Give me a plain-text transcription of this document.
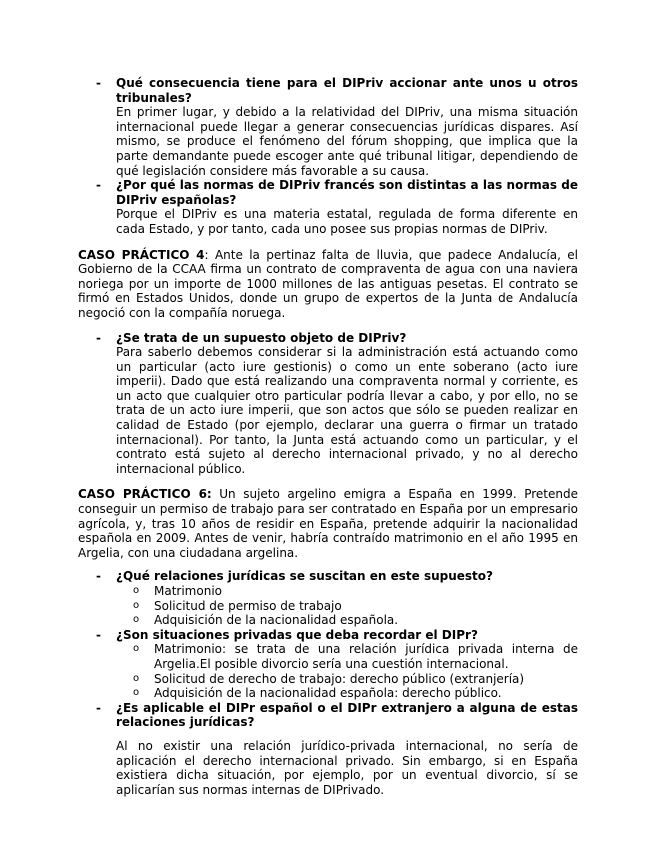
- Qué consecuencia tiene para el DIPriv accionar ante unos u otros tribunales?
En primer lugar, y debido a la relatividad del DIPriv, una misma situación internacional puede llegar a generar consecuencias jurídicas dispares. Así mismo, se produce el fenómeno del fórum shopping, que implica que la parte demandante puede escoger ante qué tribunal litigar, dependiendo de qué legislación considere más favorable a su causa.
- ¿Por qué las normas de DIPriv francés son distintas a las normas de DIPriv españolas?
Porque el DIPriv es una materia estatal, regulada de forma diferente en cada Estado, y por tanto, cada uno posee sus propias normas de DIPriv.

CASO PRÁCTICO 4: Ante la pertinaz falta de lluvia, que padece Andalucía, el Gobierno de la CCAA firma un contrato de compraventa de agua con una naviera noriega por un importe de 1000 millones de las antiguas pesetas. El contrato se firmó en Estados Unidos, donde un grupo de expertos de la Junta de Andalucía negoció con la compañía noruega.

- ¿Se trata de un supuesto objeto de DIPriv?
Para saberlo debemos considerar si la administración está actuando como un particular (acto iure gestionis) o como un ente soberano (acto iure imperii). Dado que está realizando una compraventa normal y corriente, es un acto que cualquier otro particular podría llevar a cabo, y por ello, no se trata de un acto iure imperii, que son actos que sólo se pueden realizar en calidad de Estado (por ejemplo, declarar una guerra o firmar un tratado internacional). Por tanto, la Junta está actuando como un particular, y el contrato está sujeto al derecho internacional privado, y no al derecho internacional público.

CASO PRÁCTICO 6: Un sujeto argelino emigra a España en 1999. Pretende conseguir un permiso de trabajo para ser contratado en España por un empresario agrícola, y, tras 10 años de residir en España, pretende adquirir la nacionalidad española en 2009. Antes de venir, habría contraído matrimonio en el año 1995 en Argelia, con una ciudadana argelina.

- ¿Qué relaciones jurídicas se suscitan en este supuesto?
o Matrimonio
o Solicitud de permiso de trabajo
o Adquisición de la nacionalidad española.
- ¿Son situaciones privadas que deba recordar el DIPr?
o Matrimonio: se trata de una relación jurídica privada interna de Argelia.El posible divorcio sería una cuestión internacional.
o Solicitud de derecho de trabajo: derecho público (extranjería)
o Adquisición de la nacionalidad española: derecho público.
- ¿Es aplicable el DIPr español o el DIPr extranjero a alguna de estas relaciones jurídicas?
Al no existir una relación jurídico-privada internacional, no sería de aplicación el derecho internacional privado. Sin embargo, si en España existiera dicha situación, por ejemplo, por un eventual divorcio, sí se aplicarían sus normas internas de DIPrivado.
